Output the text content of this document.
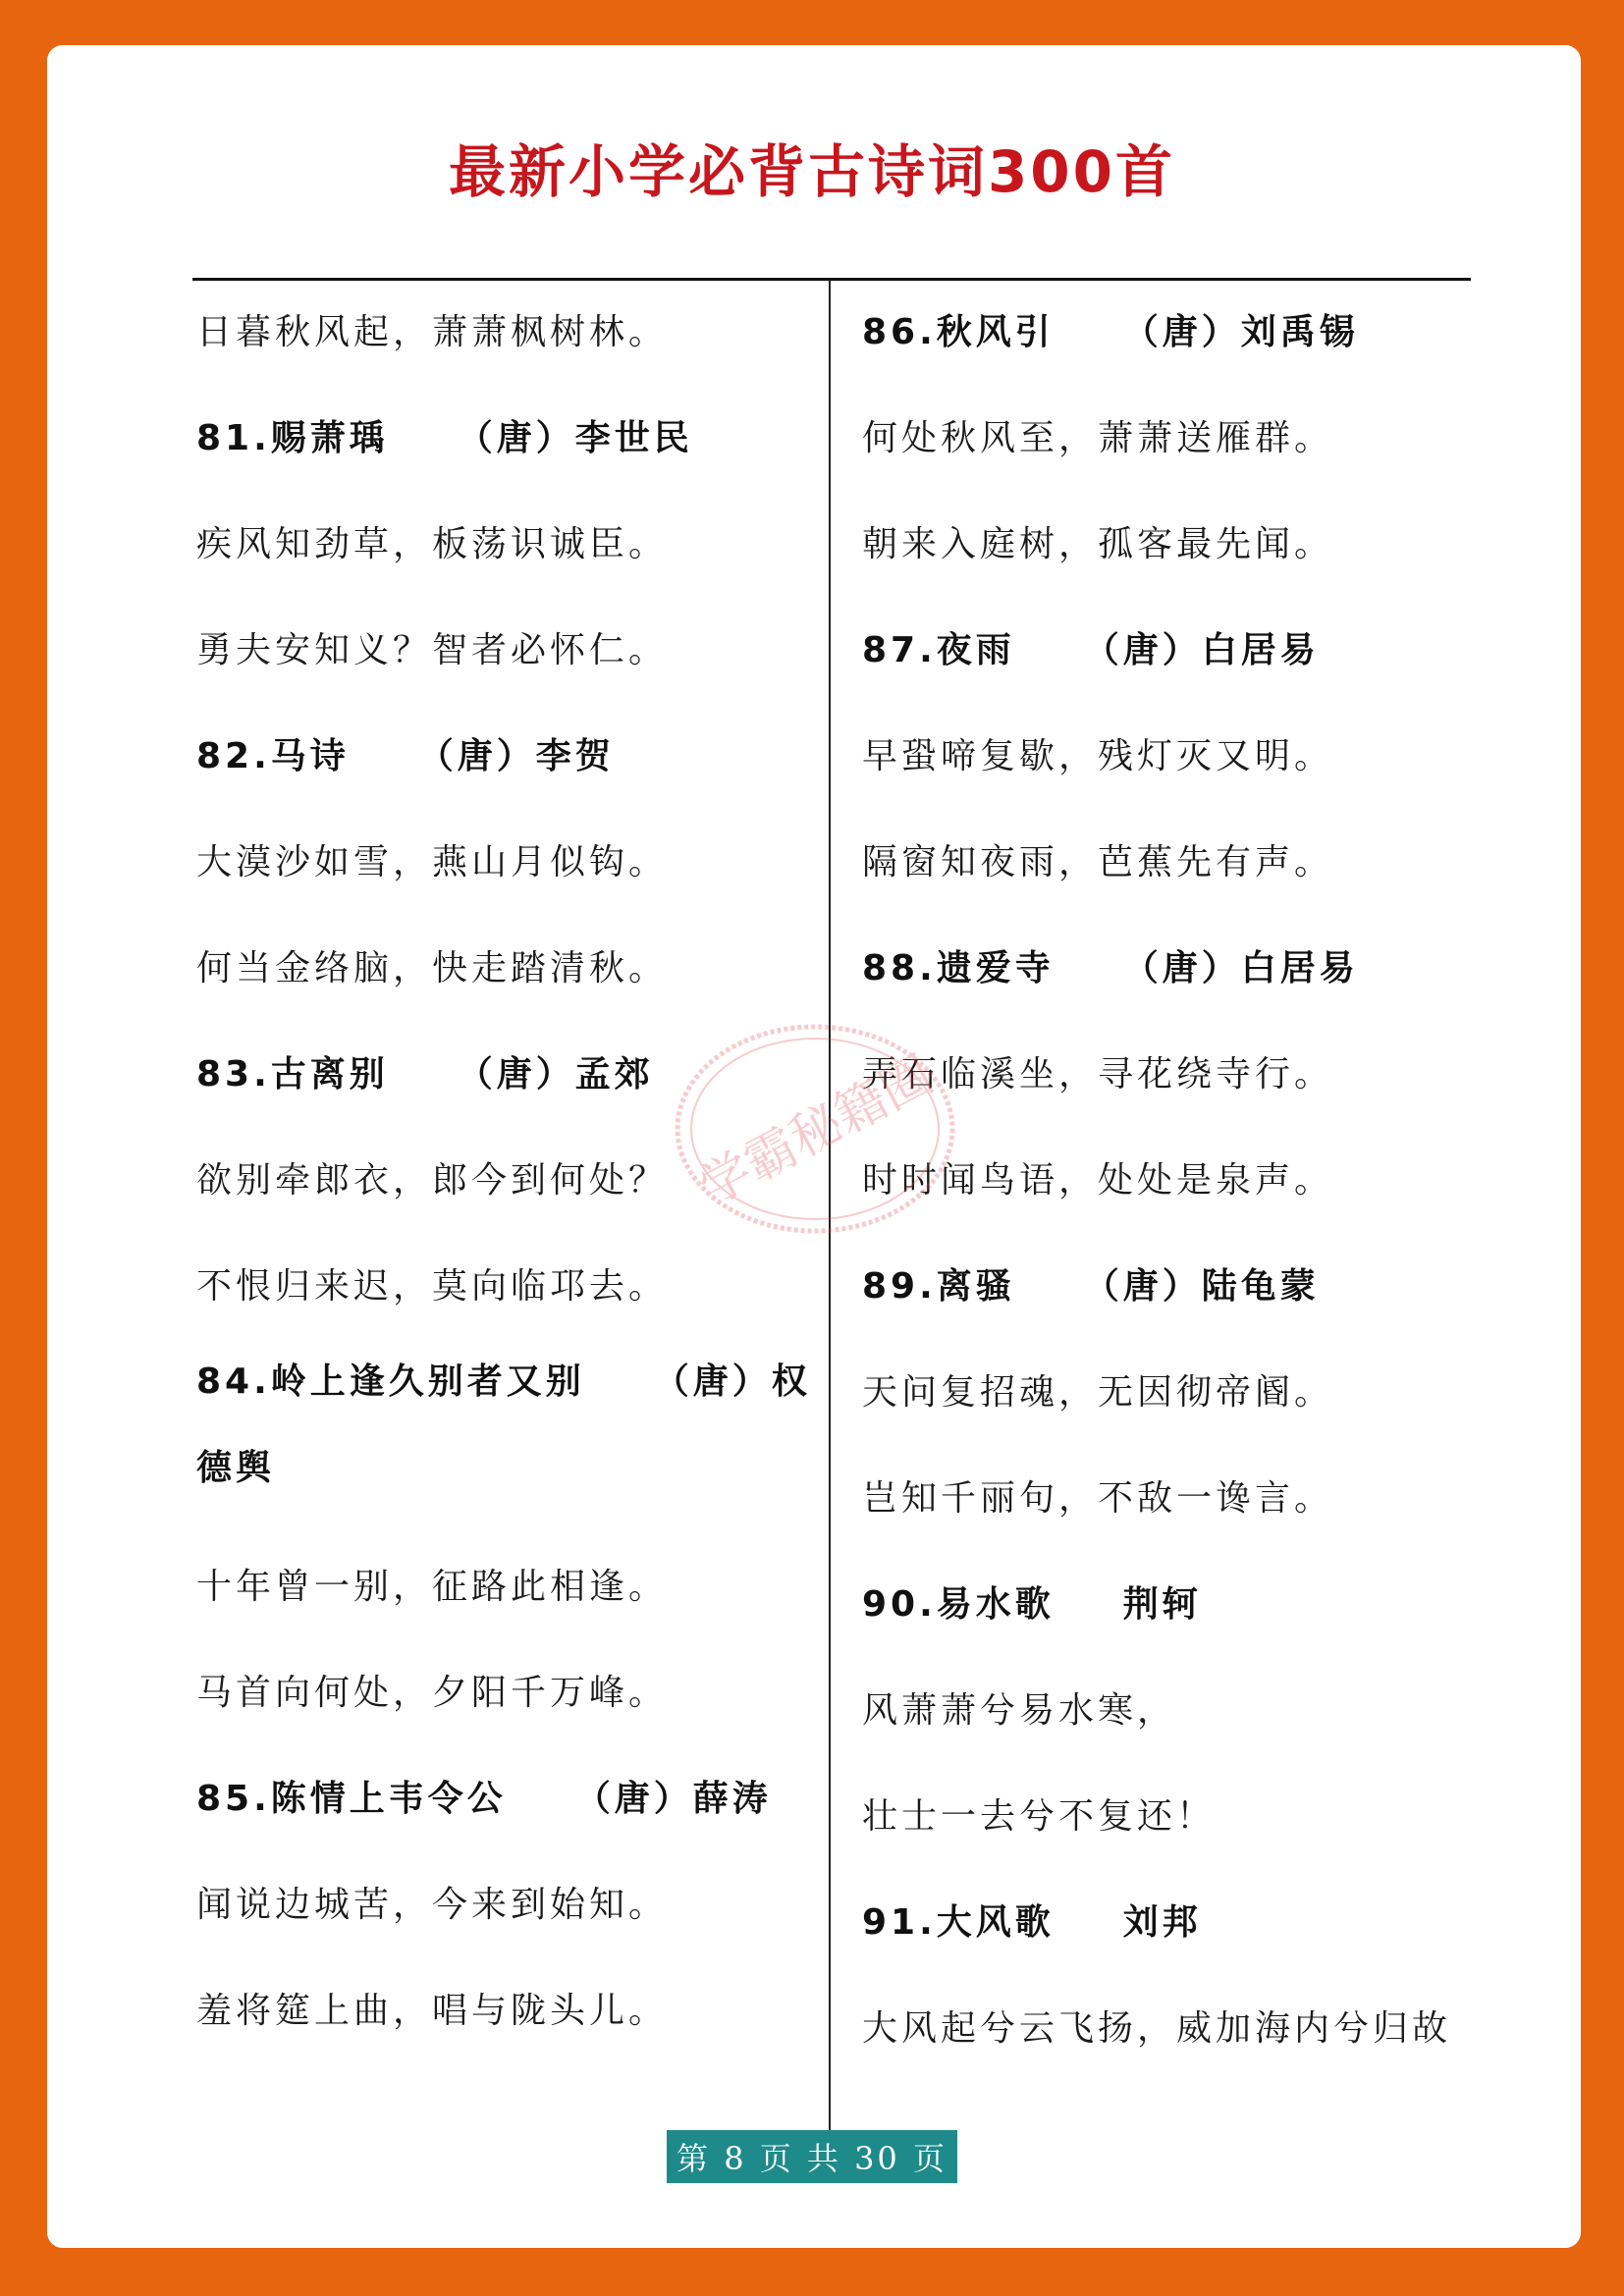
最新小学必背古诗词300首
日暮秋风起，萧萧枫树林。
81.赐萧瑀 （唐）李世民
疾风知劲草，板荡识诚臣。
勇夫安知义？智者必怀仁。
82.马诗 （唐）李贺
大漠沙如雪，燕山月似钩。
何当金络脑，快走踏清秋。
83.古离别 （唐）孟郊
欲别牵郎衣，郎今到何处？
不恨归来迟，莫向临邛去。
84.岭上逢久别者又别 （唐）权德舆
十年曾一别，征路此相逢。
马首向何处，夕阳千万峰。
85.陈情上韦令公 （唐）薛涛
闻说边城苦，今来到始知。
羞将筵上曲，唱与陇头儿。
86.秋风引 （唐）刘禹锡
何处秋风至，萧萧送雁群。
朝来入庭树，孤客最先闻。
87.夜雨 （唐）白居易
早蛩啼复歇，残灯灭又明。
隔窗知夜雨，芭蕉先有声。
88.遗爱寺 （唐）白居易
弄石临溪坐，寻花绕寺行。
时时闻鸟语，处处是泉声。
89.离骚 （唐）陆龟蒙
天问复招魂，无因彻帝阍。
岂知千丽句，不敌一谗言。
90.易水歌 荆轲
风萧萧兮易水寒，
壮士一去兮不复还！
91.大风歌 刘邦
大风起兮云飞扬，威加海内兮归故
学霸秘籍圈
第 8 页 共 30 页
